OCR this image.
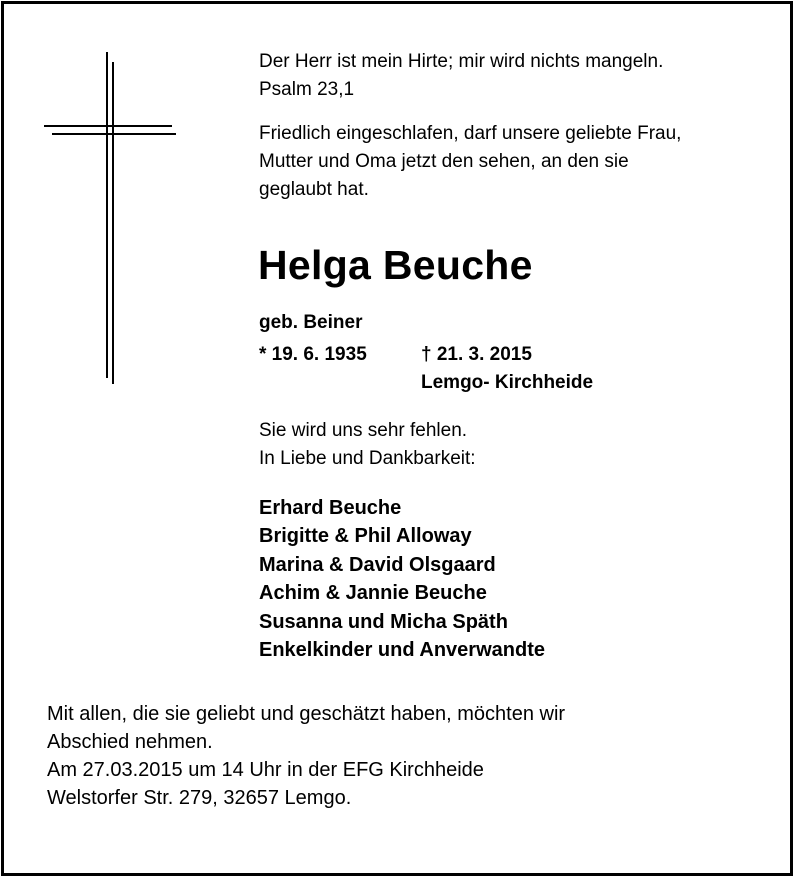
Der Herr ist mein Hirte; mir wird nichts mangeln.
Psalm 23,1
Friedlich eingeschlafen, darf unsere geliebte Frau,
Mutter und Oma jetzt den sehen, an den sie
geglaubt hat.
Helga Beuche
geb. Beiner
* 19. 6. 1935	† 21. 3. 2015
Lemgo- Kirchheide
Sie wird uns sehr fehlen.
In Liebe und Dankbarkeit:
Erhard Beuche
Brigitte & Phil Alloway
Marina & David Olsgaard
Achim & Jannie Beuche
Susanna und Micha Späth
Enkelkinder und Anverwandte
Mit allen, die sie geliebt und geschätzt haben, möchten wir
Abschied nehmen.
Am 27.03.2015 um 14 Uhr in der EFG Kirchheide
Welstorfer Str. 279, 32657 Lemgo.
